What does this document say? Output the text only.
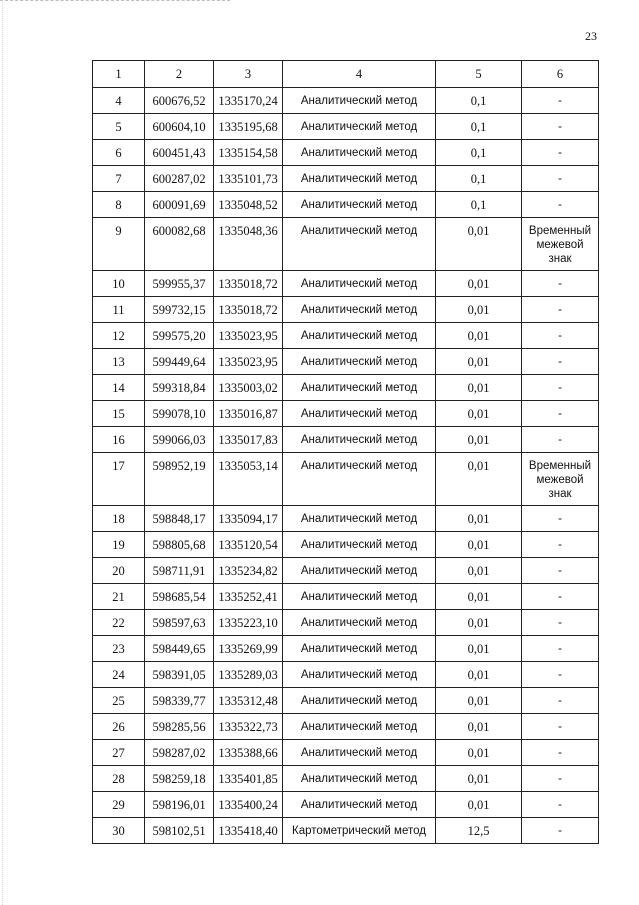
23
1	2	3	4	5	6
4	600676,52	1335170,24	Аналитический метод	0,1	-
5	600604,10	1335195,68	Аналитический метод	0,1	-
6	600451,43	1335154,58	Аналитический метод	0,1	-
7	600287,02	1335101,73	Аналитический метод	0,1	-
8	600091,69	1335048,52	Аналитический метод	0,1	-
9	600082,68	1335048,36	Аналитический метод	0,01	Временный межевой знак
10	599955,37	1335018,72	Аналитический метод	0,01	-
11	599732,15	1335018,72	Аналитический метод	0,01	-
12	599575,20	1335023,95	Аналитический метод	0,01	-
13	599449,64	1335023,95	Аналитический метод	0,01	-
14	599318,84	1335003,02	Аналитический метод	0,01	-
15	599078,10	1335016,87	Аналитический метод	0,01	-
16	599066,03	1335017,83	Аналитический метод	0,01	-
17	598952,19	1335053,14	Аналитический метод	0,01	Временный межевой знак
18	598848,17	1335094,17	Аналитический метод	0,01	-
19	598805,68	1335120,54	Аналитический метод	0,01	-
20	598711,91	1335234,82	Аналитический метод	0,01	-
21	598685,54	1335252,41	Аналитический метод	0,01	-
22	598597,63	1335223,10	Аналитический метод	0,01	-
23	598449,65	1335269,99	Аналитический метод	0,01	-
24	598391,05	1335289,03	Аналитический метод	0,01	-
25	598339,77	1335312,48	Аналитический метод	0,01	-
26	598285,56	1335322,73	Аналитический метод	0,01	-
27	598287,02	1335388,66	Аналитический метод	0,01	-
28	598259,18	1335401,85	Аналитический метод	0,01	-
29	598196,01	1335400,24	Аналитический метод	0,01	-
30	598102,51	1335418,40	Картометрический метод	12,5	-
